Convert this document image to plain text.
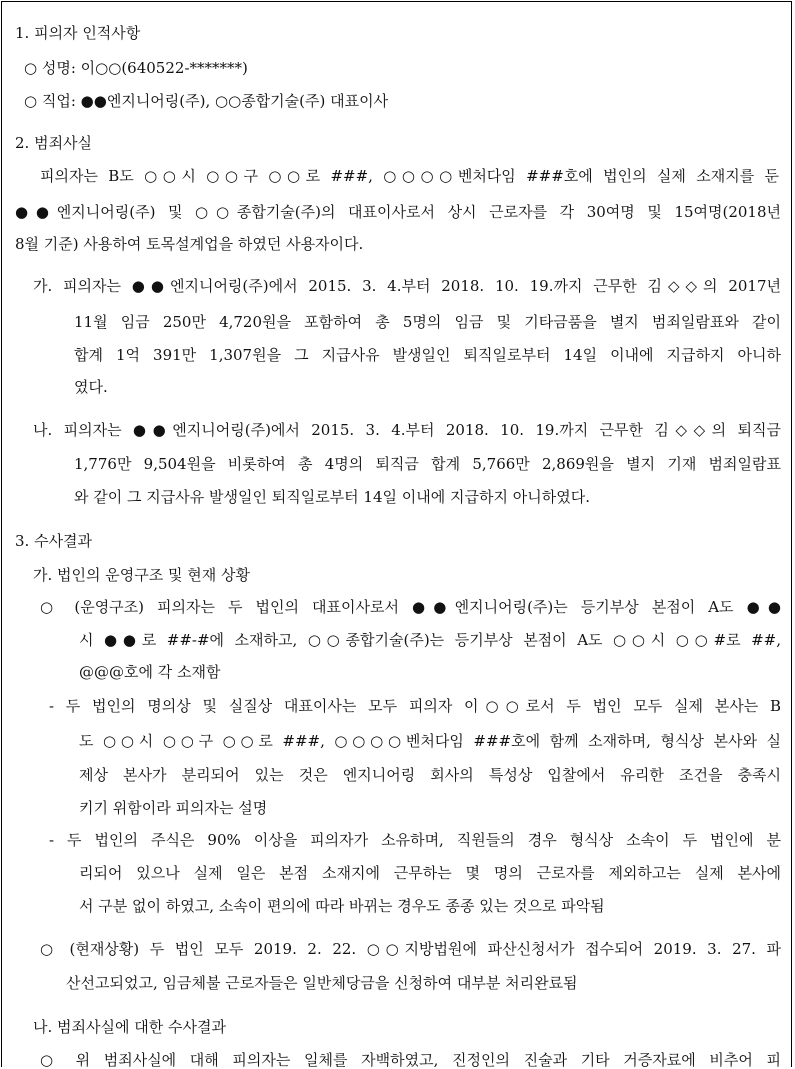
1. 피의자 인적사항
○ 성명: 이○○(640522-*******)
○ 직업: ●●엔지니어링(주), ○○종합기술(주) 대표이사
2. 범죄사실
피의자는 B도 ○○시 ○○구 ○○로 ###, ○○○○벤처다임 ###호에 법인의 실제 소재지를 둔
●●엔지니어링(주) 및 ○○종합기술(주)의 대표이사로서 상시 근로자를 각 30여명 및 15여명(2018년
8월 기준) 사용하여 토목설계업을 하였던 사용자이다.
가. 피의자는 ●●엔지니어링(주)에서 2015. 3. 4.부터 2018. 10. 19.까지 근무한 김◇◇의 2017년
11월 임금 250만 4,720원을 포함하여 총 5명의 임금 및 기타금품을 별지 범죄일람표와 같이
합계 1억 391만 1,307원을 그 지급사유 발생일인 퇴직일로부터 14일 이내에 지급하지 아니하
였다.
나. 피의자는 ●●엔지니어링(주)에서 2015. 3. 4.부터 2018. 10. 19.까지 근무한 김◇◇의 퇴직금
1,776만 9,504원을 비롯하여 총 4명의 퇴직금 합계 5,766만 2,869원을 별지 기재 범죄일람표
와 같이 그 지급사유 발생일인 퇴직일로부터 14일 이내에 지급하지 아니하였다.
3. 수사결과
가. 법인의 운영구조 및 현재 상황
○ (운영구조) 피의자는 두 법인의 대표이사로서 ●●엔지니어링(주)는 등기부상 본점이 A도 ●●
시 ●●로 ##-#에 소재하고, ○○종합기술(주)는 등기부상 본점이 A도 ○○시 ○○#로 ##,
@@@호에 각 소재함
- 두 법인의 명의상 및 실질상 대표이사는 모두 피의자 이○○로서 두 법인 모두 실제 본사는 B
도 ○○시 ○○구 ○○로 ###, ○○○○벤처다임 ###호에 함께 소재하며, 형식상 본사와 실
제상 본사가 분리되어 있는 것은 엔지니어링 회사의 특성상 입찰에서 유리한 조건을 충족시
키기 위함이라 피의자는 설명
- 두 법인의 주식은 90% 이상을 피의자가 소유하며, 직원들의 경우 형식상 소속이 두 법인에 분
리되어 있으나 실제 일은 본점 소재지에 근무하는 몇 명의 근로자를 제외하고는 실제 본사에
서 구분 없이 하였고, 소속이 편의에 따라 바뀌는 경우도 종종 있는 것으로 파악됨
○ (현재상황) 두 법인 모두 2019. 2. 22. ○○지방법원에 파산신청서가 접수되어 2019. 3. 27. 파
산선고되었고, 임금체불 근로자들은 일반체당금을 신청하여 대부분 처리완료됨
나. 범죄사실에 대한 수사결과
○ 위 범죄사실에 대해 피의자는 일체를 자백하였고, 진정인의 진술과 기타 거증자료에 비추어 피
